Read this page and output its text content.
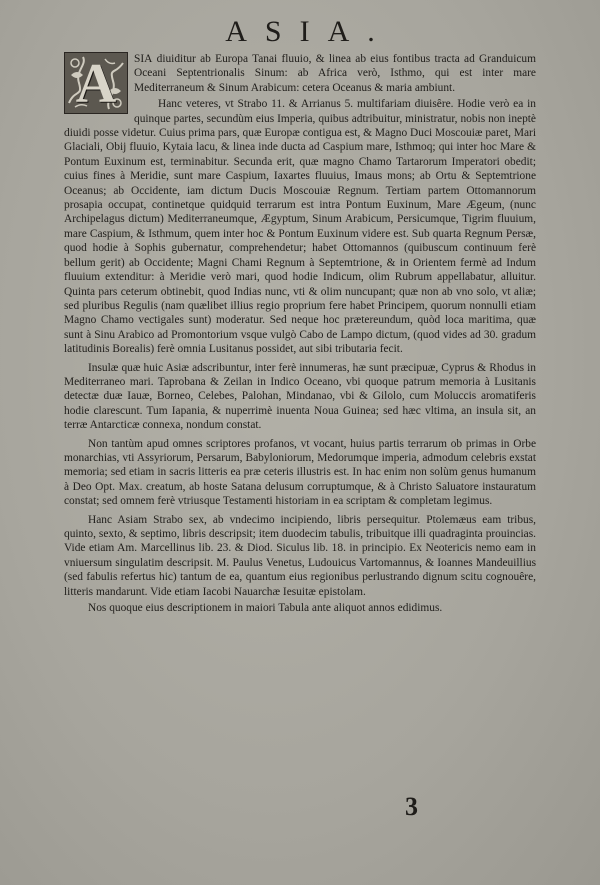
ASIA.

A	SIA diuiditur ab Europa Tanai fluuio, & linea ab eius fontibus tracta ad Granduicum Oceani Septentrionalis Sinum: ab Africa verò, Isthmo, qui est inter mare Mediterraneum & Sinum Arabicum: cetera Oceanus & maria ambiunt.

Hanc veteres, vt Strabo 11. & Arrianus 5. multifariam diuisêre. Hodie verò ea in quinque partes, secundùm eius Imperia, quibus adtribuitur, ministratur, nobis non ineptè diuidi posse videtur. Cuius prima pars, quæ Europæ contigua est, & Magno Duci Moscouiæ paret, Mari Glaciali, Obij fluuio, Kytaia lacu, & linea inde ducta ad Caspium mare, Isthmoq; qui inter hoc Mare & Pontum Euxinum est, terminabitur. Secunda erit, quæ magno Chamo Tartarorum Imperatori obedit; cuius fines à Meridie, sunt mare Caspium, Iaxartes fluuius, Imaus mons; ab Ortu & Septemtrione Oceanus; ab Occidente, iam dictum Ducis Moscouiæ Regnum. Tertiam partem Ottomannorum prosapia occupat, continetque quidquid terrarum est intra Pontum Euxinum, Mare Ægeum, (nunc Archipelagus dictum) Mediterraneumque, Ægyptum, Sinum Arabicum, Persicumque, Tigrim fluuium, mare Caspium, & Isthmum, quem inter hoc & Pontum Euxinum videre est. Sub quarta Regnum Persæ, quod hodie à Sophis gubernatur, comprehendetur; habet Ottomannos (quibuscum continuum ferè bellum gerit) ab Occidente; Magni Chami Regnum à Septemtrione, & in Orientem fermè ad Indum fluuium extenditur: à Meridie verò mari, quod hodie Indicum, olim Rubrum appellabatur, alluitur. Quinta pars ceterum obtinebit, quod Indias nunc, vti & olim nuncupant; quæ non ab vno solo, vt aliæ; sed pluribus Regulis (nam quælibet illius regio proprium fere habet Principem, quorum nonnulli etiam Magno Chamo vectigales sunt) moderatur. Sed neque hoc prætereundum, quòd loca maritima, quæ sunt à Sinu Arabico ad Promontorium vsque vulgò Cabo de Lampo dictum, (quod vides ad 30. gradum latitudinis Borealis) ferè omnia Lusitanus possidet, aut sibi tributaria fecit.

Insulæ quæ huic Asiæ adscribuntur, inter ferè innumeras, hæ sunt præcipuæ, Cyprus & Rhodus in Mediterraneo mari. Taprobana & Zeilan in Indico Oceano, vbi quoque patrum memoria à Lusitanis detectæ duæ Iauæ, Borneo, Celebes, Palohan, Mindanao, vbi & Gilolo, cum Moluccis aromatiferis hodie clarescunt. Tum Iapania, & nuperrimè inuenta Noua Guinea; sed hæc vltima, an insula sit, an terræ Antarcticæ connexa, nondum constat.

Non tantùm apud omnes scriptores profanos, vt vocant, huius partis terrarum ob primas in Orbe monarchias, vti Assyriorum, Persarum, Babyloniorum, Medorumque imperia, admodum celebris exstat memoria; sed etiam in sacris litteris ea præ ceteris illustris est. In hac enim non solùm genus humanum à Deo Opt. Max. creatum, ab hoste Satana delusum corruptumque, & à Christo Saluatore instauratum constat; sed omnem ferè vtriusque Testamenti historiam in ea scriptam & completam legimus.

Hanc Asiam Strabo sex, ab vndecimo incipiendo, libris persequitur. Ptolemæus eam tribus, quinto, sexto, & septimo, libris descripsit; item duodecim tabulis, tribuitque illi quadraginta prouincias. Vide etiam Am. Marcellinus lib. 23. & Diod. Siculus lib. 18. in principio. Ex Neotericis nemo eam in vniuersum singulatim descripsit. M. Paulus Venetus, Ludouicus Vartomannus, & Ioannes Mandeuillius (sed fabulis refertus hic) tantum de ea, quantum eius regionibus perlustrando dignum scitu cognouêre, litteris mandarunt. Vide etiam Iacobi Nauarchæ Iesuitæ epistolam.

Nos quoque eius descriptionem in maiori Tabula ante aliquot annos edidimus.

3
